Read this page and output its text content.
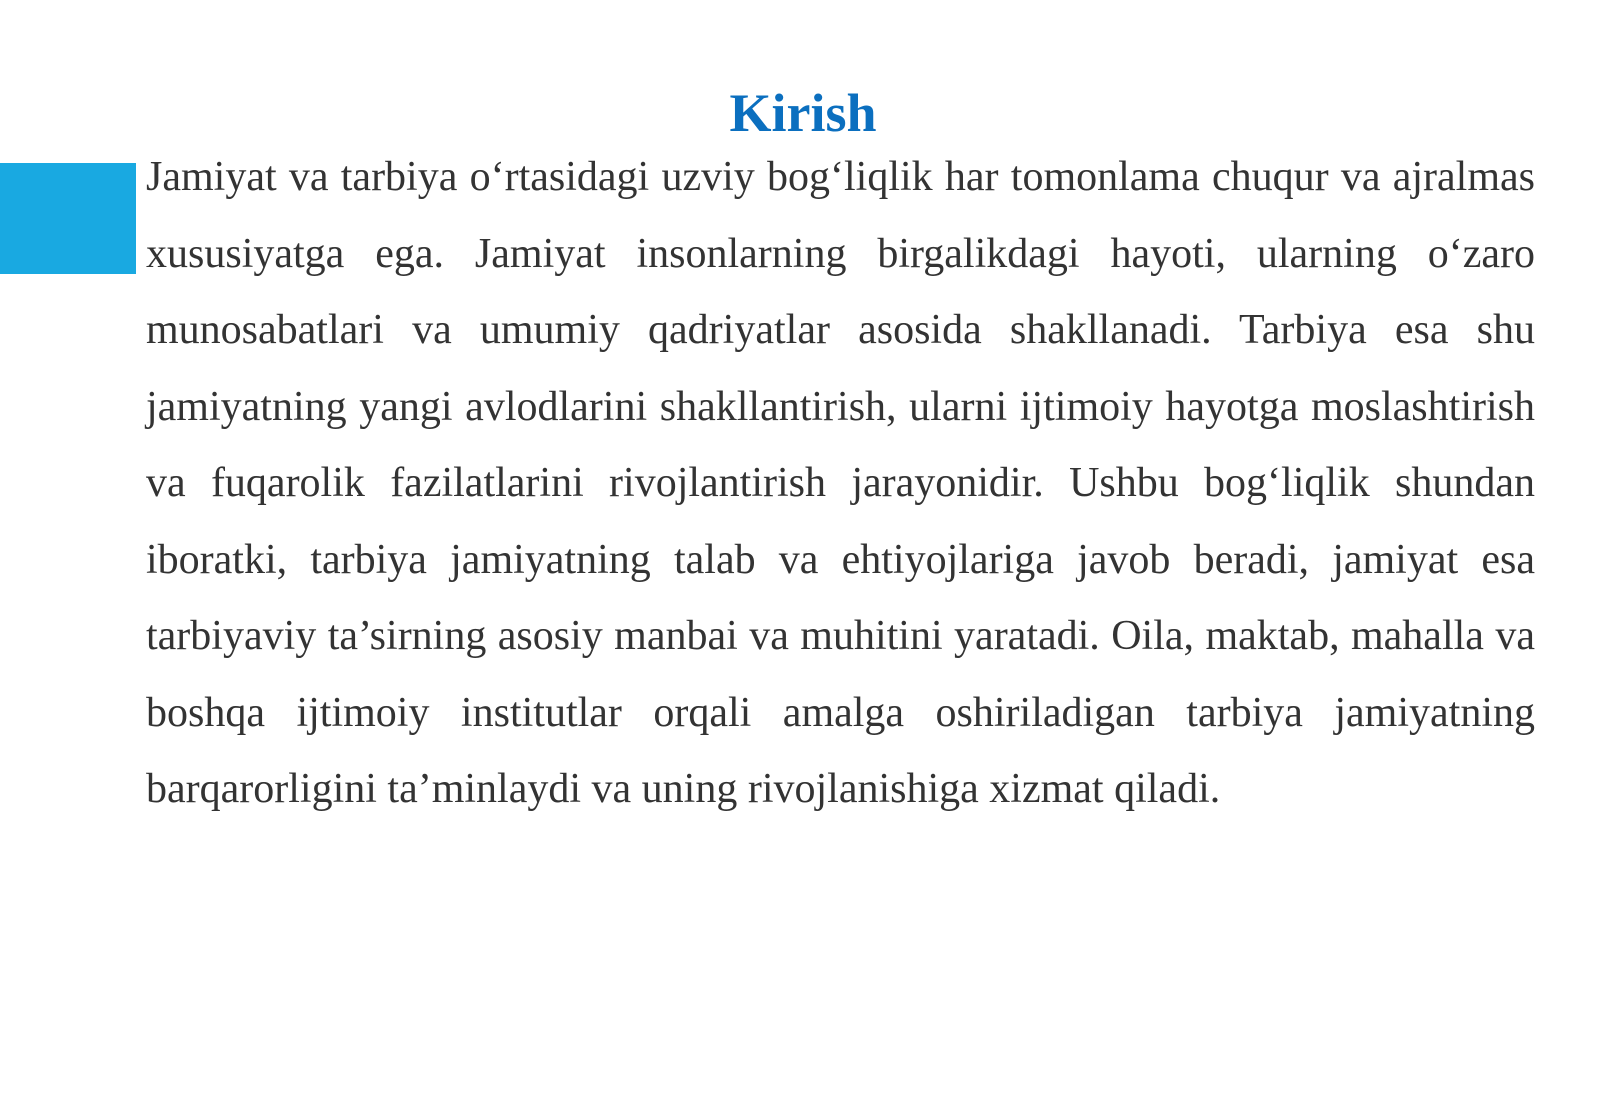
Kirish

Jamiyat va tarbiya o‘rtasidagi uzviy bog‘liqlik har tomonlama chuqur va ajralmas xususiyatga ega. Jamiyat insonlarning birgalikdagi hayoti, ularning o‘zaro munosabatlari va umumiy qadriyatlar asosida shakllanadi. Tarbiya esa shu jamiyatning yangi avlodlarini shakllantirish, ularni ijtimoiy hayotga moslashtirish va fuqarolik fazilatlarini rivojlantirish jarayonidir. Ushbu bog‘liqlik shundan iboratki, tarbiya jamiyatning talab va ehtiyojlariga javob beradi, jamiyat esa tarbiyaviy ta’sirning asosiy manbai va muhitini yaratadi. Oila, maktab, mahalla va boshqa ijtimoiy institutlar orqali amalga oshiriladigan tarbiya jamiyatning barqarorligini ta’minlaydi va uning rivojlanishiga xizmat qiladi.
